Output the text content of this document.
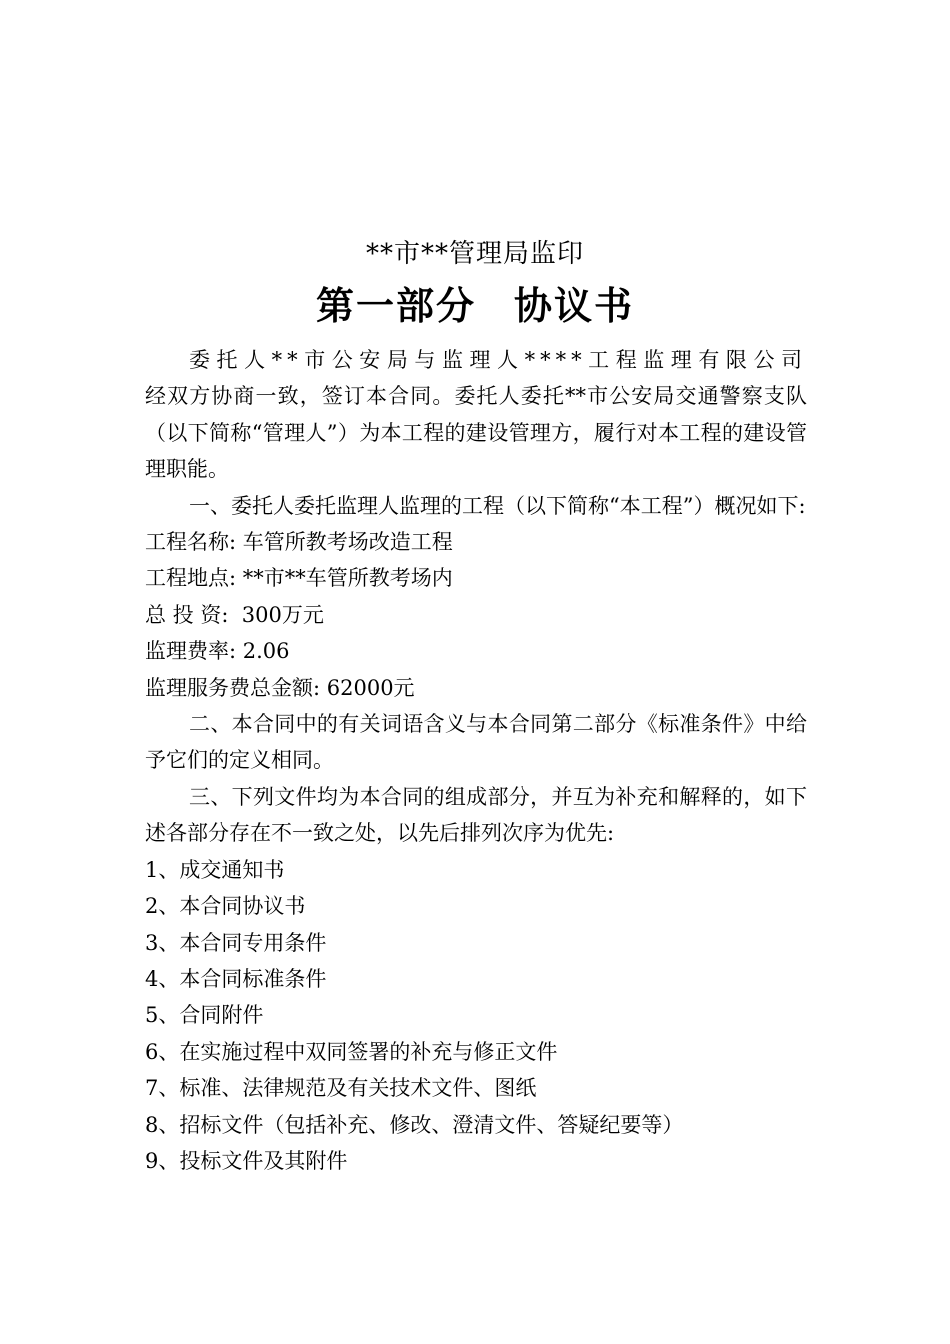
**市**管理局监印
第一部分 协议书

委托人**市公安局与监理人****工程监理有限公司

经双方协商一致，签订本合同。委托人委托**市公安局交通警察支队（以下简称“管理人”）为本工程的建设管理方，履行对本工程的建设管理职能。

一、委托人委托监理人监理的工程（以下简称“本工程”）概况如下:

工程名称: 车管所教考场改造工程

工程地点: **市**车管所教考场内

总 投 资:  300万元

监理费率: 2.06

监理服务费总金额: 62000元

二、本合同中的有关词语含义与本合同第二部分《标准条件》中给予它们的定义相同。

三、下列文件均为本合同的组成部分，并互为补充和解释的，如下述各部分存在不一致之处，以先后排列次序为优先:

1、成交通知书

2、本合同协议书

3、本合同专用条件

4、本合同标准条件

5、合同附件

6、在实施过程中双同签署的补充与修正文件

7、标准、法律规范及有关技术文件、图纸

8、招标文件（包括补充、修改、澄清文件、答疑纪要等）

9、投标文件及其附件
